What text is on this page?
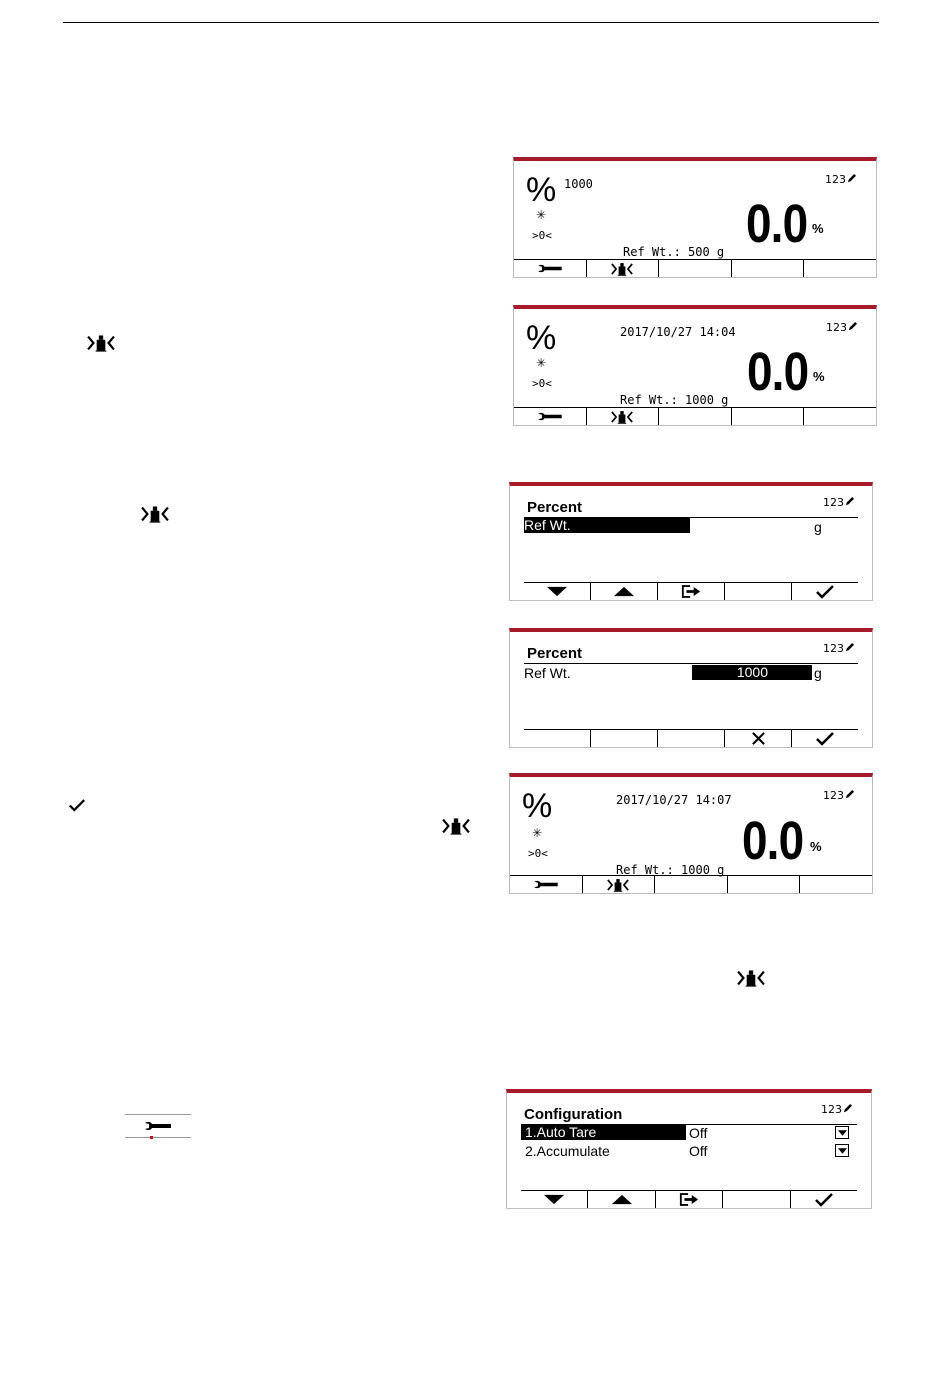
% 1000	123
✳
>0<	0.0 %
Ref Wt.: 500 g
%	2017/10/27 14:04	123
✳
>0<	0.0 %
Ref Wt.: 1000 g
Percent	123
Ref Wt.	g
Percent	123
Ref Wt.	1000	g
%	2017/10/27 14:07	123
✳
>0<	0.0 %
Ref Wt.: 1000 g
Configuration	123
1.Auto Tare	Off
2.Accumulate	Off
